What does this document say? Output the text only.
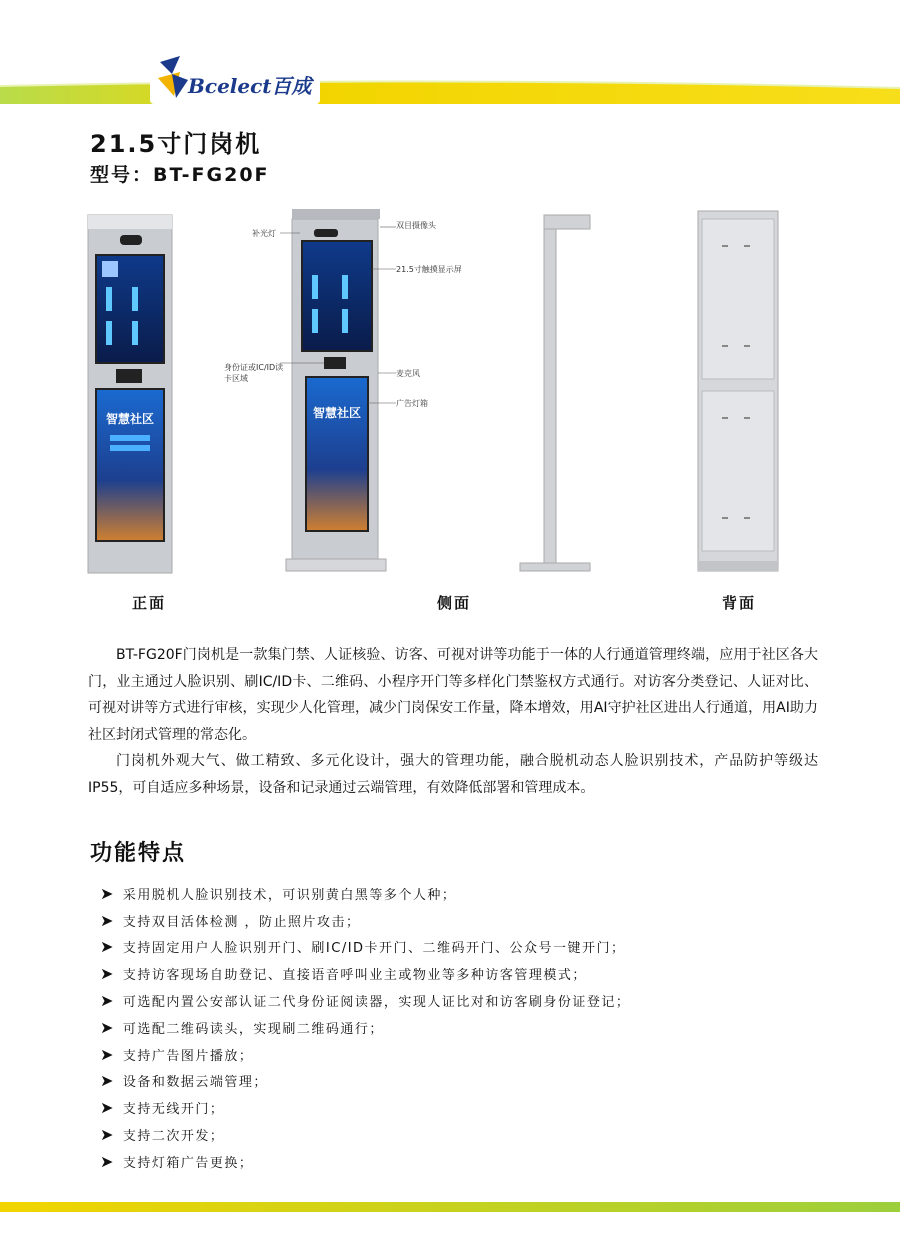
Bcelect百成
21.5寸门岗机
型号：BT-FG20F
智慧社区	智慧社区
补光灯
双目摄像头
21.5寸触摸显示屏
身份证或IC/ID读卡区域
麦克风
广告灯箱
正面	侧面	背面

BT-FG20F门岗机是一款集门禁、人证核验、访客、可视对讲等功能于一体的人行通道管理终端，应用于社区各大门，业主通过人脸识别、刷IC/ID卡、二维码、小程序开门等多样化门禁鉴权方式通行。对访客分类登记、人证对比、可视对讲等方式进行审核，实现少人化管理，减少门岗保安工作量，降本增效，用AI守护社区进出人行通道，用AI助力社区封闭式管理的常态化。

门岗机外观大气、做工精致、多元化设计，强大的管理功能，融合脱机动态人脸识别技术，产品防护等级达IP55，可自适应多种场景，设备和记录通过云端管理，有效降低部署和管理成本。

功能特点
➤ 采用脱机人脸识别技术，可识别黄白黑等多个人种；
➤ 支持双目活体检测 ，防止照片攻击；
➤ 支持固定用户人脸识别开门、刷IC/ID卡开门、二维码开门、公众号一键开门；
➤ 支持访客现场自助登记、直接语音呼叫业主或物业等多种访客管理模式；
➤ 可选配内置公安部认证二代身份证阅读器，实现人证比对和访客刷身份证登记；
➤ 可选配二维码读头，实现刷二维码通行；
➤ 支持广告图片播放；
➤ 设备和数据云端管理；
➤ 支持无线开门；
➤ 支持二次开发；
➤ 支持灯箱广告更换；
